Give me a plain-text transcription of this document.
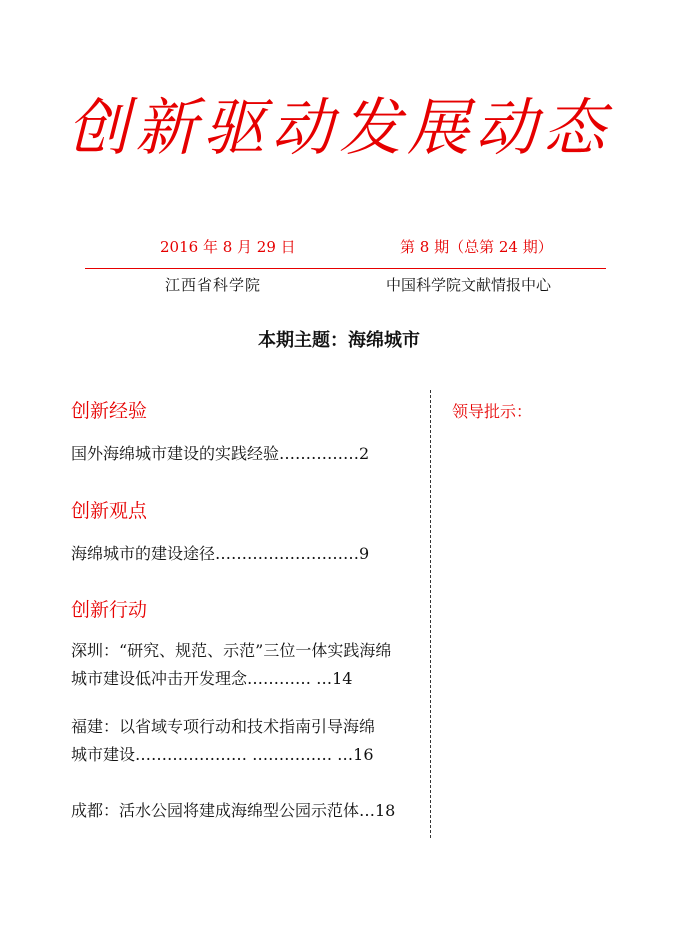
创新驱动发展动态
2016 年 8 月 29 日	第 8 期（总第 24 期）
江西省科学院	中国科学院文献情报中心
本期主题：海绵城市
领导批示：
创新经验

国外海绵城市建设的实践经验……………2

创新观点

海绵城市的建设途径………………………9

创新行动

深圳：“研究、规范、示范”三位一体实践海绵

城市建设低冲击开发理念………… …14

福建：以省域专项行动和技术指南引导海绵

城市建设………………… …………… …16

成都：活水公园将建成海绵型公园示范体…18
